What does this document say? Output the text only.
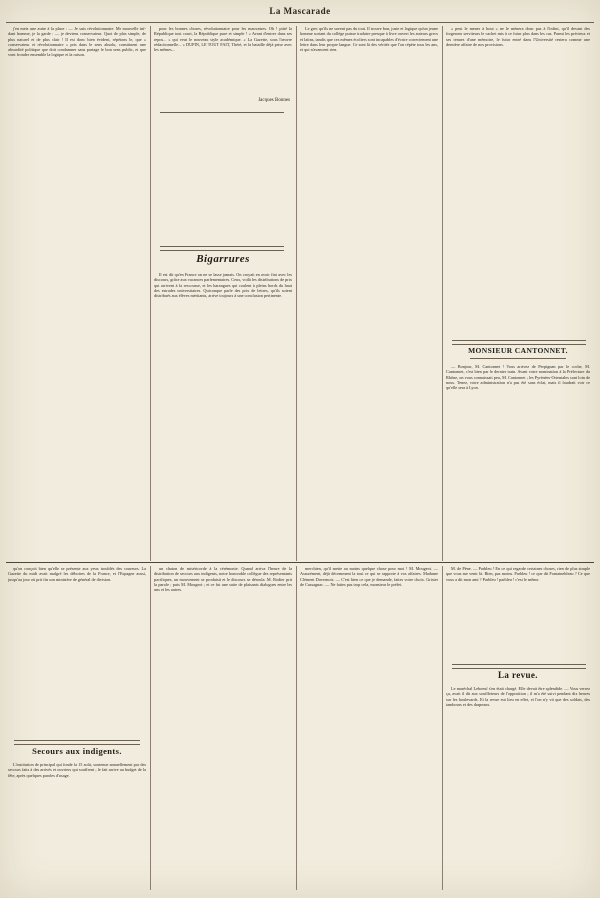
La Mascarade

j'en mets une autre à la place : — Je suis révolutionnaire. Mr mouvelle inf-dant homme, je la garde : — je deviens conservateur. Quoi de plus simple, de plus naturel et de plus clair ! Il est donc bien évident, répétons le, que « conservateur et révolutionnaire » pris dans le sens absolu, constituent une absurdité politique que doit condamner sans partage le bon sens public, et que vont fronder ensemble la logique et la raison.

pour les bonnes choses, révolutionnaire pour les mauvaises. Oh ! pitié la République tout court, la République pure et simple ! « Avant d'entrer dans ses repos... » qui veut le nouveau style académique. « La Gazette, sous l'œuvre rédactionnelle... » DUPIN, LE TOUT FAIT, Théré, et la bataille déjà prise avec les mêmes...

Jacques Bonnes
Bigarrures

Il est dit qu'en France on ne se lasse jamais. On croyait en avoir fini avec les discours, grâce aux vacances parlementaires. Ceux, voilà les distributions de prix qui arrivent à la rescousse, et les harangues qui coulent à pleins bords du haut des estrades universitaires. Quiconque parle des prix de lettres, qu'ils soient distribués aux élèves méritants, arrive toujours à une conclusion pertinente.

Le grec qu'ils ne savent pas du tout. Il trouve bon, juste et logique qu'un jeune homme sortant du collège puisse traduire presque à livre ouvert les auteurs grecs et latins, tandis que ces mêmes écoliers sont incapables d'écrire correctement une lettre dans leur propre langue. Ce sont là des vérités que l'on répète tous les ans, et qui n'avancent rien.

« peut le mener à bout » ne le mènera donc pas à l'infini, qu'il devant des forgerons serviteurs le cachet mis à ce futur plus dans les cas. Parmi les précieux et ses tenues d'une mémoire, le futur entré dans l'Université restera comme une dernière affaire de nos provisions.

MONSIEUR CANTONNET.

— Bonjour, M. Cantonnet ! Vous arrivez de Perpignan par le coche, M. Cantonnet, c'est bien par le dernier train. Avant votre nomination à la Préfecture du Rhône, on vous connaissait peu, M. Cantonnet ; les Pyrénées-Orientales sont loin de nous. Tenez, votre administration n'a pas été sans éclat, mais il faudrait voir ce qu'elle sera à Lyon.

qu'on conçoit bien qu'elle se présente aux yeux troublés des coureurs. La Gazette du midi avait malgré les déboires de la France, et l'Espagne aussi, jusqu'au jour où prit fin son ministère de général de division.

Secours aux indigents.

L'institution de principal qui fonde la 15 août, soutenue annuellement par des secours faits à des arrivés et ouvriers qui souffrent ; le fait arrive au budget de la fête, après quelques paroles d'usage.

un chaton de miséricorde à la cérémonie. Quand arriva l'heure de la distribution de secours aux indigents, notre honorable collègue des représentants pacifiques, un mouvement se produisit et le discours se déroula. M. Rodier prit la parole ; puis M. Mougeot ; et ce fut une suite de plaisants dialogues entre les uns et les autres.

merchien, qu'il mette au moins quelque chose pour moi ! M. Mougeot. — Assurément, déjà décemment la tout ce qui se rapporte à vos affaires. Madame Clément Duvernois. — C'est bien ce que je demande, faites votre choix. Grisier de Cassagnac. — Ne faites pas trop cela, monsieur le préfet.

M. de Pène. — Parbleu ! En ce qui regarde certaines choses, rien de plus simple que vous me venir là. Bien, pas moins. Parbleu ! ce que dit Fontainebleau ? Ce que vous a dit mon ami ? Parbleu ! parbleu ! c'est le même.

La revue.

Le maréchal Leboeuf s'en était chargé. Elle devait être splendide. — Vous verrez ça, avait il dit aux souffleteurs de l'opposition ; il m'a été suivi pendant dix heures sur les boulevards. Et la revue eut lieu en effet, et l'on n'y vit que des soldats, des tambours et des drapeaux.
